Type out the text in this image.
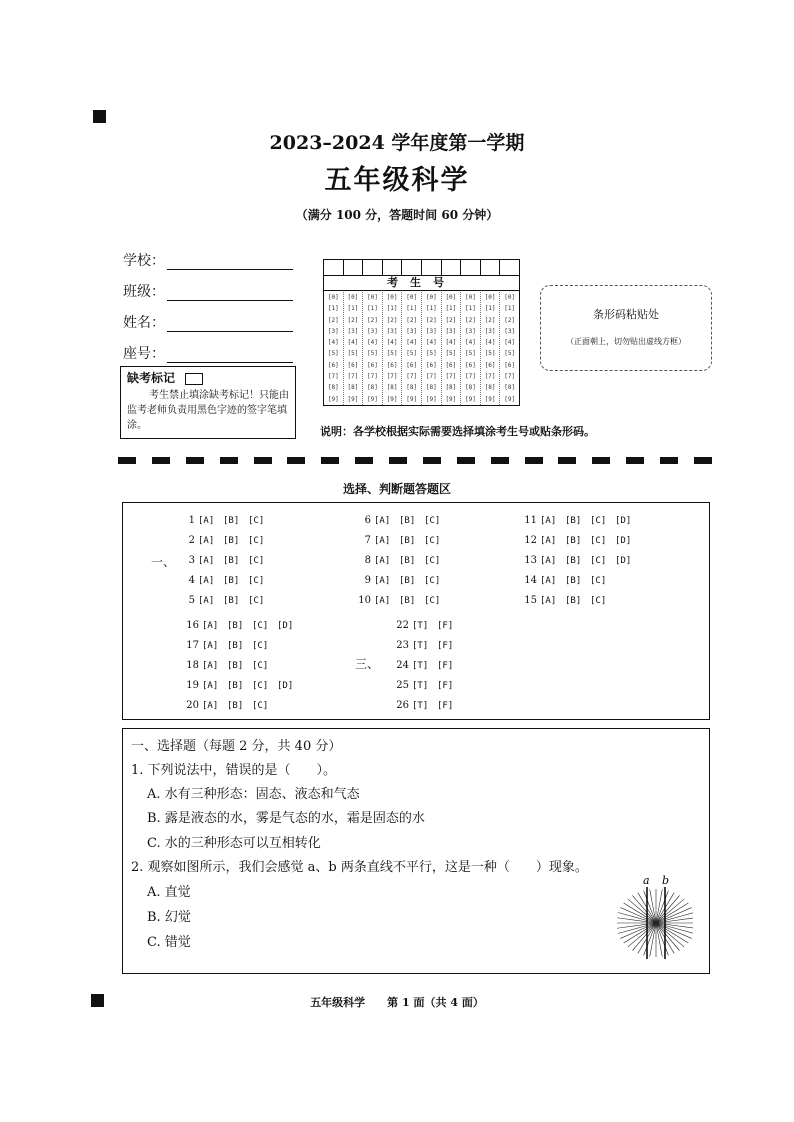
2023–2024 学年度第一学期
五年级科学
（满分 100 分，答题时间 60 分钟）
学校：
班级：
姓名：
座号：
缺考标记
考生禁止填涂缺考标记！只能由监考老师负责用黑色字迹的签字笔填涂。
考生号
[0]
[1]
[2]
[3]
[4]
[5]
[6]
[7]
[8]
[9]
[0]
[1]
[2]
[3]
[4]
[5]
[6]
[7]
[8]
[9]
[0]
[1]
[2]
[3]
[4]
[5]
[6]
[7]
[8]
[9]
[0]
[1]
[2]
[3]
[4]
[5]
[6]
[7]
[8]
[9]
[0]
[1]
[2]
[3]
[4]
[5]
[6]
[7]
[8]
[9]
[0]
[1]
[2]
[3]
[4]
[5]
[6]
[7]
[8]
[9]
[0]
[1]
[2]
[3]
[4]
[5]
[6]
[7]
[8]
[9]
[0]
[1]
[2]
[3]
[4]
[5]
[6]
[7]
[8]
[9]
[0]
[1]
[2]
[3]
[4]
[5]
[6]
[7]
[8]
[9]
[0]
[1]
[2]
[3]
[4]
[5]
[6]
[7]
[8]
[9]
条形码粘贴处
（正面朝上，切勿贴出虚线方框）
说明：各学校根据实际需要选择填涂考生号或贴条形码。
选择、判断题答题区
一、
三、
1 [A] [B] [C]
2 [A] [B] [C]
3 [A] [B] [C]
4 [A] [B] [C]
5 [A] [B] [C]
6 [A] [B] [C]
7 [A] [B] [C]
8 [A] [B] [C]
9 [A] [B] [C]
10 [A] [B] [C]
11 [A] [B] [C] [D]
12 [A] [B] [C] [D]
13 [A] [B] [C] [D]
14 [A] [B] [C]
15 [A] [B] [C]
16 [A] [B] [C] [D]
17 [A] [B] [C]
18 [A] [B] [C]
19 [A] [B] [C] [D]
20 [A] [B] [C]
22 [T] [F]
23 [T] [F]
24 [T] [F]
25 [T] [F]
26 [T] [F]
一、选择题（每题 2 分，共 40 分）
1. 下列说法中，错误的是（　　）。
A. 水有三种形态：固态、液态和气态
B. 露是液态的水，雾是气态的水，霜是固态的水
C. 水的三种形态可以互相转化
2. 观察如图所示，我们会感觉 a、b 两条直线不平行，这是一种（　　）现象。
A. 直觉
B. 幻觉
C. 错觉
a b
五年级科学　　第 1 面（共 4 面）
